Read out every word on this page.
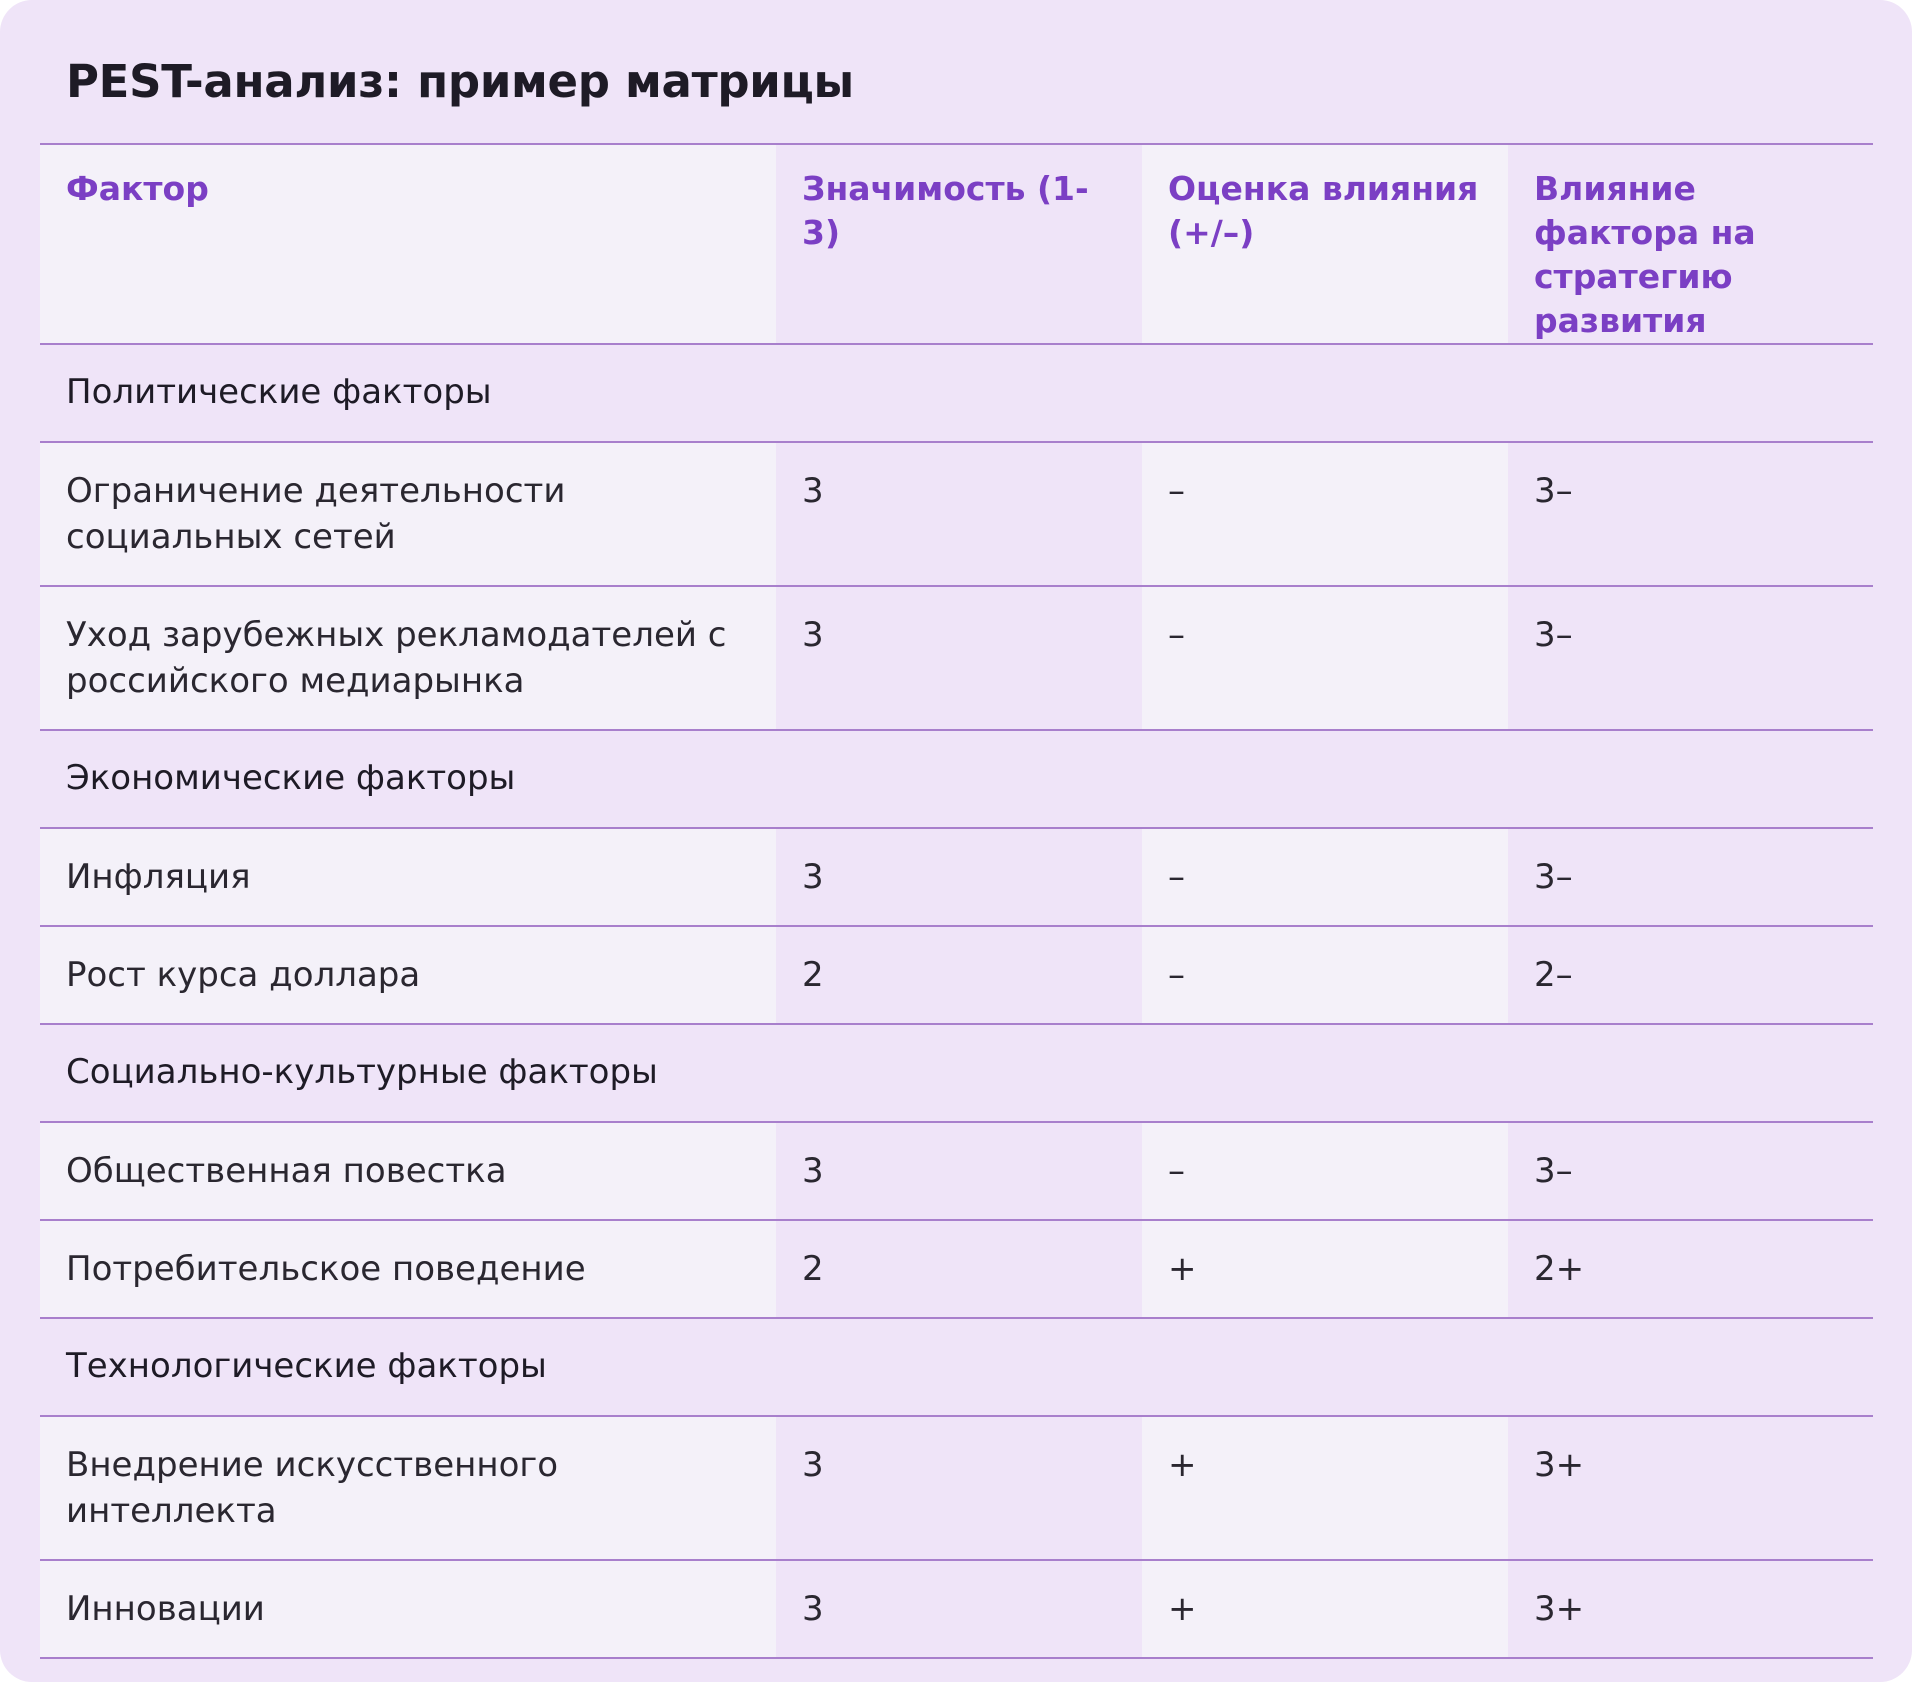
PEST-анализ: пример матрицы
Фактор	Значимость (1-3)	Оценка влияния (+/–)	Влияние фактора на стратегию развития
Политические факторы			
Ограничение деятельности социальных сетей	3	–	3–
Уход зарубежных рекламодателей с российского медиарынка	3	–	3–
Экономические факторы			
Инфляция	3	–	3–
Рост курса доллара	2	–	2–
Социально-культурные факторы			
Общественная повестка	3	–	3–
Потребительское поведение	2	+	2+
Технологические факторы			
Внедрение искусственного интеллекта	3	+	3+
Инновации	3	+	3+
